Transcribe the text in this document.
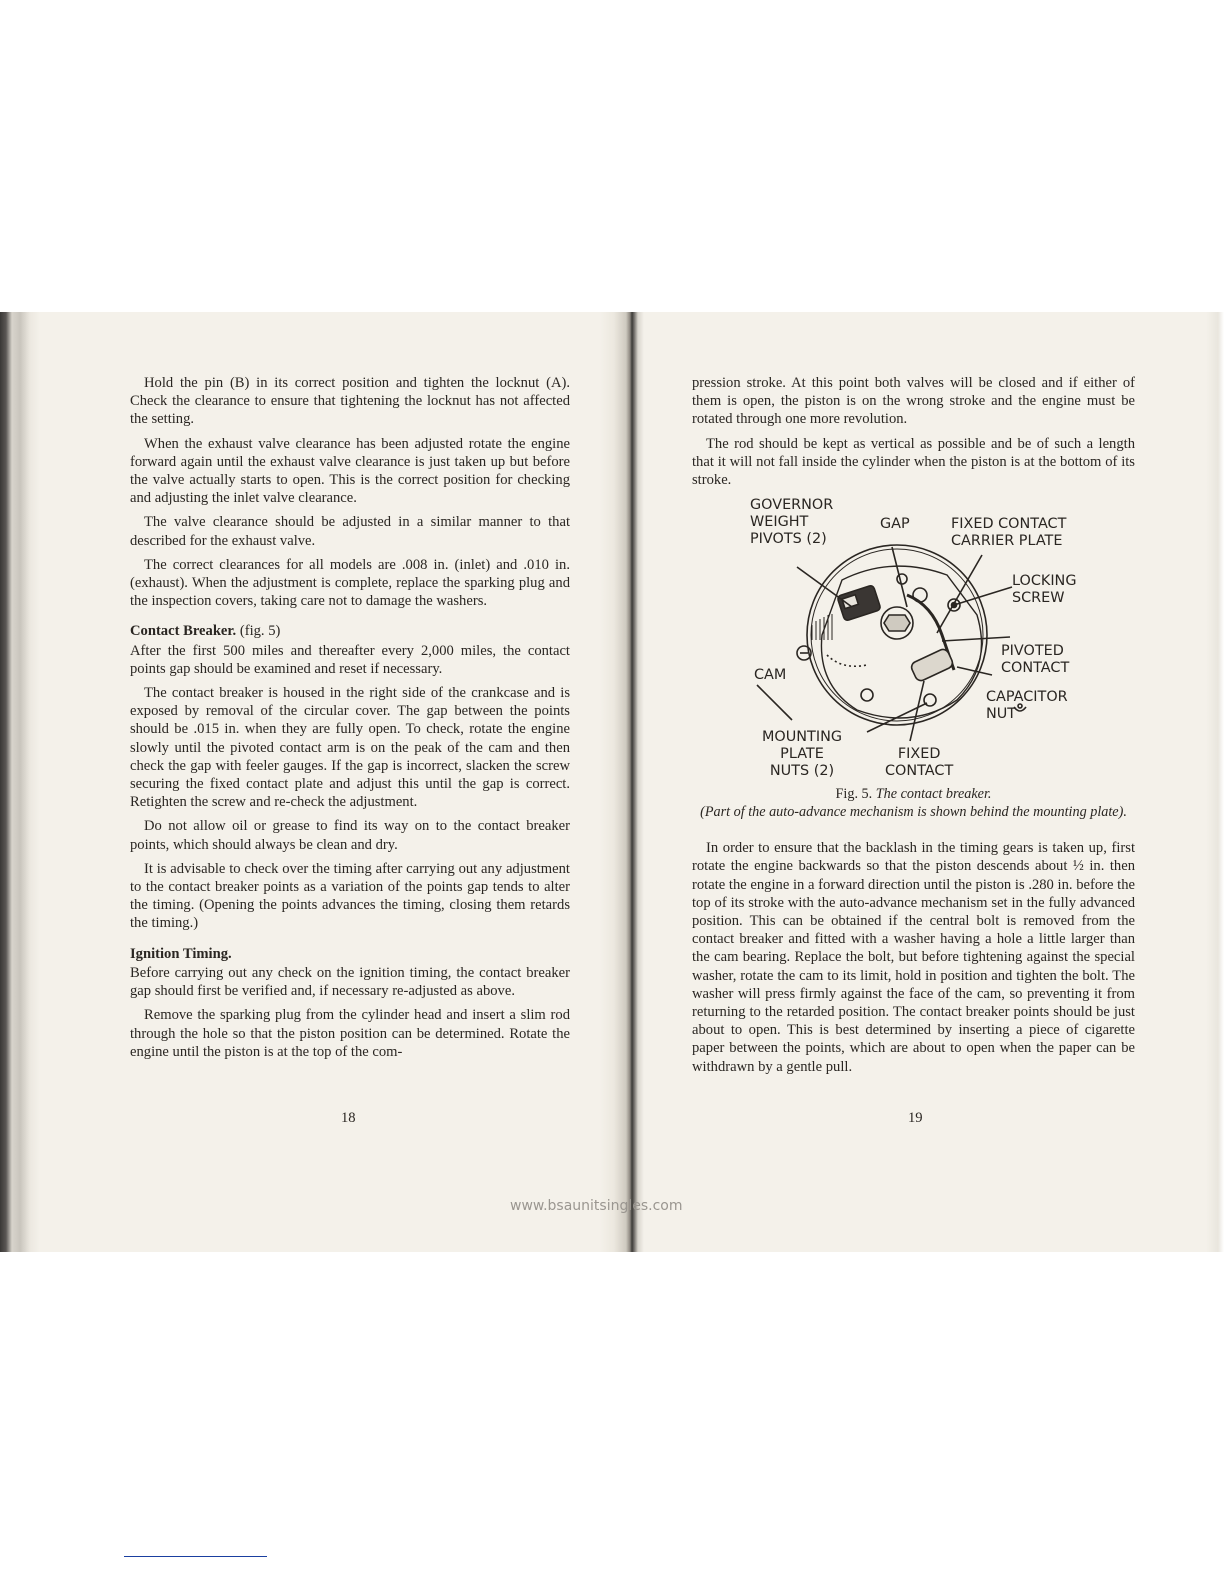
Hold the pin (B) in its correct position and tighten the locknut (A). Check the clearance to ensure that tightening the locknut has not affected the setting.

When the exhaust valve clearance has been adjusted rotate the engine forward again until the exhaust valve clearance is just taken up but before the valve actually starts to open. This is the correct position for checking and adjusting the inlet valve clearance.

The valve clearance should be adjusted in a similar manner to that described for the exhaust valve.

The correct clearances for all models are .008 in. (inlet) and .010 in. (exhaust). When the adjustment is complete, replace the sparking plug and the inspection covers, taking care not to damage the washers.

Contact Breaker. (fig. 5)

After the first 500 miles and thereafter every 2,000 miles, the contact points gap should be examined and reset if necessary.

The contact breaker is housed in the right side of the crankcase and is exposed by removal of the circular cover. The gap between the points should be .015 in. when they are fully open. To check, rotate the engine slowly until the pivoted contact arm is on the peak of the cam and then check the gap with feeler gauges. If the gap is incorrect, slacken the screw securing the fixed contact plate and adjust this until the gap is correct. Retighten the screw and re-check the adjustment.

Do not allow oil or grease to find its way on to the contact breaker points, which should always be clean and dry.

It is advisable to check over the timing after carrying out any adjustment to the contact breaker points as a variation of the points gap tends to alter the timing. (Opening the points advances the timing, closing them retards the timing.)

Ignition Timing.

Before carrying out any check on the ignition timing, the contact breaker gap should first be verified and, if necessary re-adjusted as above.

Remove the sparking plug from the cylinder head and insert a slim rod through the hole so that the piston position can be determined. Rotate the engine until the piston is at the top of the com-

18

pression stroke. At this point both valves will be closed and if either of them is open, the piston is on the wrong stroke and the engine must be rotated through one more revolution.

The rod should be kept as vertical as possible and be of such a length that it will not fall inside the cylinder when the piston is at the bottom of its stroke.

GOVERNOR
WEIGHT
PIVOTS (2)
GAP	FIXED CONTACT
CARRIER PLATE
LOCKING
SCREW
PIVOTED
CONTACT
CAM
CAPACITOR
NUT
MOUNTING
PLATE
NUTS (2)
FIXED
CONTACT
Fig. 5. The contact breaker.
(Part of the auto-advance mechanism is shown behind the mounting plate).

In order to ensure that the backlash in the timing gears is taken up, first rotate the engine backwards so that the piston descends about ½ in. then rotate the engine in a forward direction until the piston is .280 in. before the top of its stroke with the auto-advance mechanism set in the fully advanced position. This can be obtained if the central bolt is removed from the contact breaker and fitted with a washer having a hole a little larger than the cam bearing. Replace the bolt, but before tightening against the special washer, rotate the cam to its limit, hold in position and tighten the bolt. The washer will press firmly against the face of the cam, so preventing it from returning to the retarded position. The contact breaker points should be just about to open. This is best determined by inserting a piece of cigarette paper between the points, which are about to open when the paper can be withdrawn by a gentle pull.

19
www.bsaunitsingles.com
